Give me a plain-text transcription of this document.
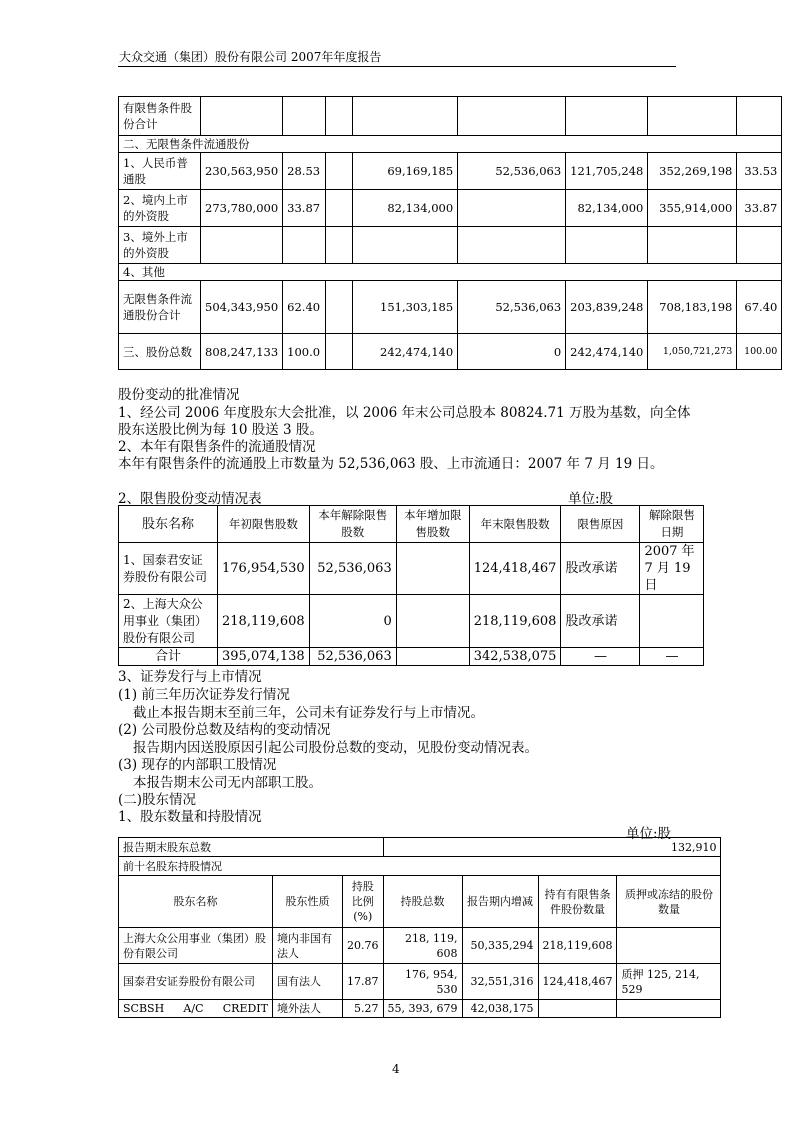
大众交通（集团）股份有限公司 2007年年度报告
有限售条件股份合计								
二、无限售条件流通股份								
1、人民币普通股	230,563,950	28.53		69,169,185	52,536,063	121,705,248	352,269,198	33.53
2、境内上市的外资股	273,780,000	33.87		82,134,000		82,134,000	355,914,000	33.87
3、境外上市的外资股								
4、其他								
无限售条件流通股份合计	504,343,950	62.40		151,303,185	52,536,063	203,839,248	708,183,198	67.40
三、股份总数	808,247,133	100.0		242,474,140	0	242,474,140	1,050,721,273	100.00
股份变动的批准情况
1、经公司 2006 年度股东大会批准，以 2006 年末公司总股本 80824.71 万股为基数，向全体
股东送股比例为每 10 股送 3 股。
2、本年有限售条件的流通股情况
本年有限售条件的流通股上市数量为 52,536,063 股、上市流通日：2007 年 7 月 19 日。
2、限售股份变动情况表	单位:股
股东名称	年初限售股数	本年解除限售股数	本年增加限售股数	年末限售股数	限售原因	解除限售日期
1、国泰君安证券股份有限公司	176,954,530	52,536,063		124,418,467	股改承诺	2007 年 7 月 19 日
2、上海大众公用事业（集团）股份有限公司	218,119,608	0		218,119,608	股改承诺	
合计	395,074,138	52,536,063		342,538,075	—	—
3、证券发行与上市情况
(1) 前三年历次证券发行情况
截止本报告期末至前三年，公司未有证券发行与上市情况。
(2) 公司股份总数及结构的变动情况
报告期内因送股原因引起公司股份总数的变动，见股份变动情况表。
(3) 现存的内部职工股情况
本报告期末公司无内部职工股。
(二)股东情况
1、股东数量和持股情况
单位:股
报告期末股东总数			132,910			
前十名股东持股情况						
股东名称	股东性质	持股比例(%)	持股总数	报告期内增减	持有有限售条件股份数量	质押或冻结的股份数量
上海大众公用事业（集团）股份有限公司	境内非国有法人	20.76	218, 119, 608	50,335,294	218,119,608	
国泰君安证券股份有限公司	国有法人	17.87	176, 954, 530	32,551,316	124,418,467	质押 125, 214, 529
SCBSH A/C CREDIT	境外法人	5.27	55, 393, 679	42,038,175		
4
